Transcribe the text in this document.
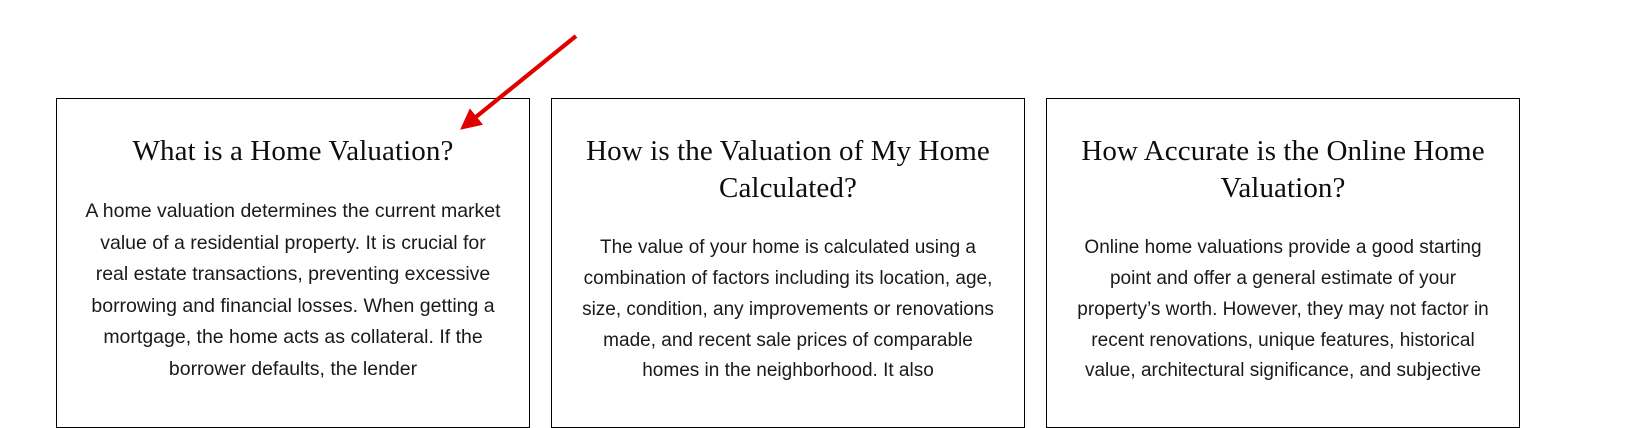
What is a Home Valuation?

A home valuation determines the current market value of a residential property. It is crucial for real estate transactions, preventing excessive borrowing and financial losses. When getting a mortgage, the home acts as collateral. If the borrower defaults, the lender

How is the Valuation of My Home Calculated?

The value of your home is calculated using a combination of factors including its location, age, size, condition, any improvements or renovations made, and recent sale prices of comparable homes in the neighborhood. It also

How Accurate is the Online Home Valuation?

Online home valuations provide a good starting point and offer a general estimate of your property’s worth. However, they may not factor in recent renovations, unique features, historical value, architectural significance, and subjective
